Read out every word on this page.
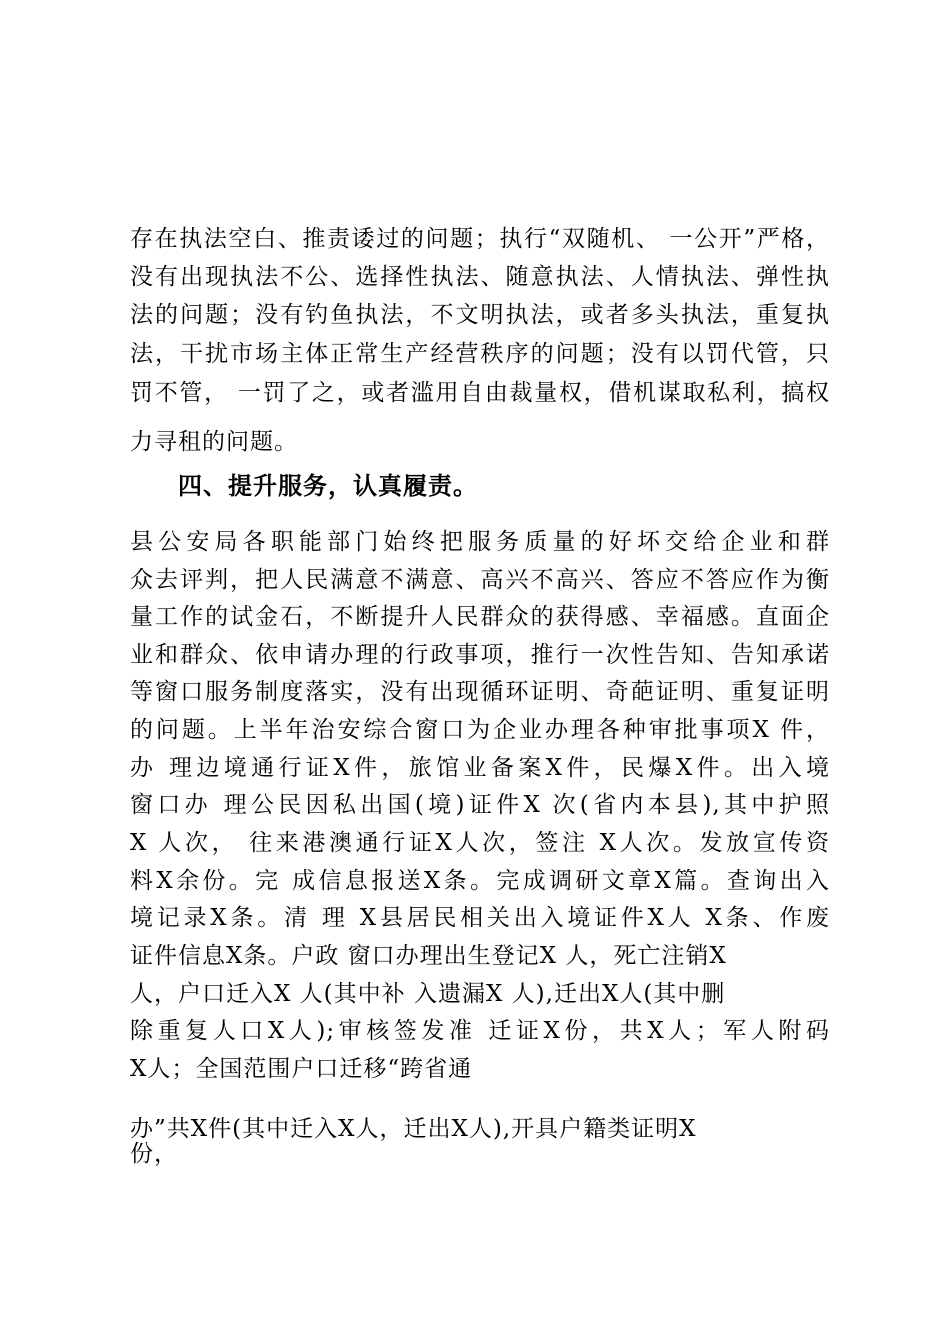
存在执法空白、推责诿过的问题；执行“双随机、 一公开”严格，
没有出现执法不公、选择性执法、随意执法、人情执法、弹性执
法的问题；没有钓鱼执法，不文明执法，或者多头执法，重复执
法，干扰市场主体正常生产经营秩序的问题；没有以罚代管，只
罚不管， 一罚了之，或者滥用自由裁量权，借机谋取私利，搞权
力寻租的问题。
四、提升服务，认真履责。
县公安局各职能部门始终把服务质量的好坏交给企业和群
众去评判，把人民满意不满意、高兴不高兴、答应不答应作为衡
量工作的试金石，不断提升人民群众的获得感、幸福感。直面企
业和群众、依申请办理的行政事项，推行一次性告知、告知承诺
等窗口服务制度落实，没有出现循环证明、奇葩证明、重复证明
的问题。上半年治安综合窗口为企业办理各种审批事项X 件，
办 理边境通行证X件，旅馆业备案X件，民爆X件。出入境
窗口办 理公民因私出国(境)证件X 次(省内本县),其中护照
X 人次， 往来港澳通行证X人次，签注 X人次。发放宣传资
料X余份。完 成信息报送X条。完成调研文章X篇。查询出入
境记录X条。清 理 X县居民相关出入境证件X人 X条、作废
证件信息X条。户政 窗口办理出生登记X 人，死亡注销X
人，户口迁入X 人(其中补 入遗漏X 人),迁出X人(其中删
除重复人口X人);审核签发准 迁证X份，共X人；军人附码
X人；全国范围户口迁移“跨省通
办”共X件(其中迁入X人，迁出X人),开具户籍类证明X
份，
